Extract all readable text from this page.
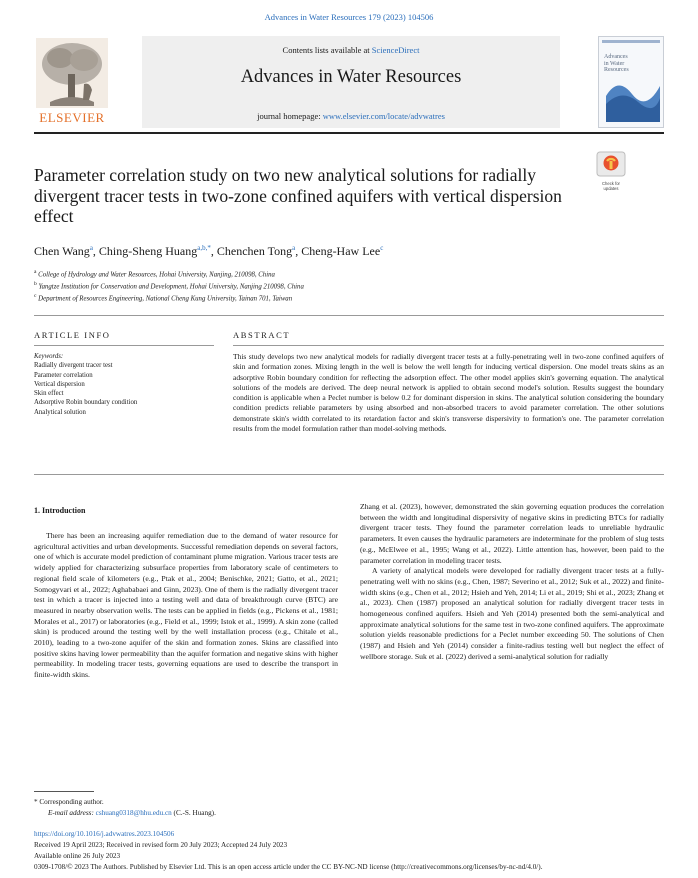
Advances in Water Resources 179 (2023) 104506
ELSEVIER
Contents lists available at ScienceDirect
Advances in Water Resources
journal homepage: www.elsevier.com/locate/advwatres
Advances
in Water
Resources
Parameter correlation study on two new analytical solutions for radially divergent tracer tests in two-zone confined aquifers with vertical dispersion effect
Check for
updates
Chen Wang$^a$, Ching-Sheng Huang$^{a,b,*}$, Chenchen Tong$^a$, Cheng-Haw Lee$^c$
$^a$ College of Hydrology and Water Resources, Hohai University, Nanjing, 210098, China
$^b$ Yangtze Institution for Conservation and Development, Hohai University, Nanjing 210098, China
$^c$ Department of Resources Engineering, National Cheng Kung University, Tainan 701, Taiwan
ARTICLE INFO	ABSTRACT
Keywords:
Radially divergent tracer test
Parameter correlation
Vertical dispersion
Skin effect
Adsorptive Robin boundary condition
Analytical solution
This study develops two new analytical models for radially divergent tracer tests at a fully-penetrating well in two-zone confined aquifers of skin and formation zones. Mixing length in the well is below the well length for inducing vertical dispersion. One model treats skins as an adsorptive Robin boundary condition for reflecting the adsorption effect. The other model applies skin's governing equation. The analytical solutions of the models are derived. The deep neural network is applied to obtain second model's solution. Results suggest the boundary condition is applicable when a Peclet number is below 0.2 for dominant dispersion in skins. The analytical solution considering the boundary condition predicts reliable parameters by using absorbed and non-absorbed tracers to avoid parameter correlation. The other solutions demonstrate skin's width correlated to its retardation factor and skin's transverse dispersivity to formation's one. The parameter correlation results from the model formulation rather than model-solving methods.
1. Introduction

There has been an increasing aquifer remediation due to the demand of water resource for agricultural activities and urban developments. Successful remediation depends on several factors, one of which is accurate model prediction of contaminant plume migration. Various tracer tests are widely applied for characterizing subsurface properties from laboratory scale of centimeters to regional field scale of kilometers (e.g., Ptak et al., 2004; Benischke, 2021; Gatto, et al., 2021; Somogyvari et al., 2022; Aghababaei and Ginn, 2023). One of them is the radially divergent tracer test in which a tracer is injected into a testing well and data of breakthrough curve (BTC) are measured in nearby observation wells. The tests can be applied in fields (e.g., Pickens et al., 1981; Morales et al., 2017) or laboratories (e.g., Field et al., 1999; Istok et al., 1999). A skin zone (called skin) is produced around the testing well by the well installation process (e.g., Chitale et al., 2010), leading to a two-zone aquifer of the skin and formation zones. Skins are classified into positive skins having lower permeability than the aquifer formation and negative skins with higher permeability. In modeling tracer tests, governing equations are used to describe the transport in finite-width skins.

Zhang et al. (2023), however, demonstrated the skin governing equation produces the correlation between the width and longitudinal dispersivity of negative skins in predicting BTCs for radially divergent tracer tests. They found the parameter correlation leads to unreliable hydraulic parameters. It even causes the hydraulic parameters are indeterminate for the problem of slug tests (e.g., McElwee et al., 1995; Wang et al., 2022). Little attention has, however, been paid to the parameter correlation in modeling tracer tests.

A variety of analytical models were developed for radially divergent tracer tests at a fully-penetrating well with no skins (e.g., Chen, 1987; Severino et al., 2012; Suk et al., 2022) and finite-width skins (e.g., Chen et al., 2012; Hsieh and Yeh, 2014; Li et al., 2019; Shi et al., 2023; Zhang et al., 2023). Chen (1987) proposed an analytical solution for radially divergent tracer tests in homogeneous confined aquifers. Hsieh and Yeh (2014) presented both the semi-analytical and approximate analytical solutions for the same test in two-zone confined aquifers. The approximate solution yields reasonable predictions for a Peclet number exceeding 50. The solutions of Chen (1987) and Hsieh and Yeh (2014) consider a finite-radius testing well but neglect the effect of wellbore storage. Suk et al. (2022) derived a semi-analytical solution for radially

* Corresponding author.
E-mail address: cshuang0318@hhu.edu.cn (C.-S. Huang).
https://doi.org/10.1016/j.advwatres.2023.104506
Received 19 April 2023; Received in revised form 20 July 2023; Accepted 24 July 2023
Available online 26 July 2023
0309-1708/© 2023 The Authors. Published by Elsevier Ltd. This is an open access article under the CC BY-NC-ND license (http://creativecommons.org/licenses/by-nc-nd/4.0/).
